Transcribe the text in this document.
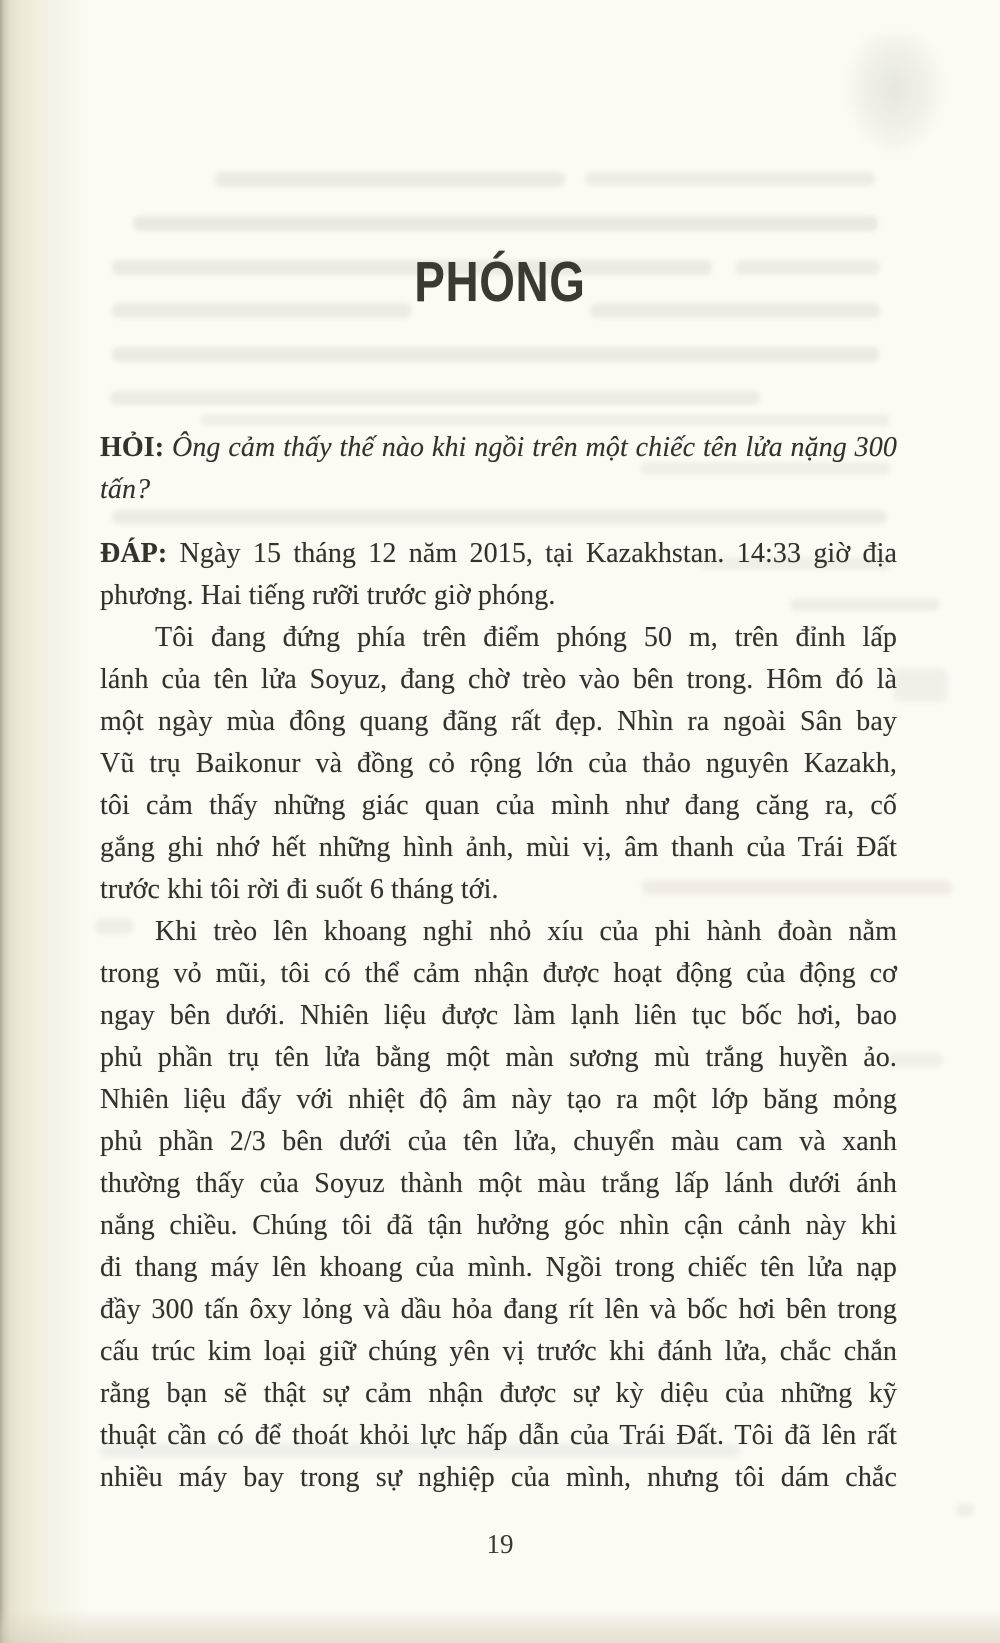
PHÓNG
HỎI: Ông cảm thấy thế nào khi ngồi trên một chiếc tên lửa nặng 300
tấn?
ĐÁP: Ngày 15 tháng 12 năm 2015, tại Kazakhstan. 14:33 giờ địa
phương. Hai tiếng rưỡi trước giờ phóng.
Tôi đang đứng phía trên điểm phóng 50 m, trên đỉnh lấp
lánh của tên lửa Soyuz, đang chờ trèo vào bên trong. Hôm đó là
một ngày mùa đông quang đãng rất đẹp. Nhìn ra ngoài Sân bay
Vũ trụ Baikonur và đồng cỏ rộng lớn của thảo nguyên Kazakh,
tôi cảm thấy những giác quan của mình như đang căng ra, cố
gắng ghi nhớ hết những hình ảnh, mùi vị, âm thanh của Trái Đất
trước khi tôi rời đi suốt 6 tháng tới.
Khi trèo lên khoang nghỉ nhỏ xíu của phi hành đoàn nằm
trong vỏ mũi, tôi có thể cảm nhận được hoạt động của động cơ
ngay bên dưới. Nhiên liệu được làm lạnh liên tục bốc hơi, bao
phủ phần trụ tên lửa bằng một màn sương mù trắng huyền ảo.
Nhiên liệu đẩy với nhiệt độ âm này tạo ra một lớp băng mỏng
phủ phần 2/3 bên dưới của tên lửa, chuyển màu cam và xanh
thường thấy của Soyuz thành một màu trắng lấp lánh dưới ánh
nắng chiều. Chúng tôi đã tận hưởng góc nhìn cận cảnh này khi
đi thang máy lên khoang của mình. Ngồi trong chiếc tên lửa nạp
đầy 300 tấn ôxy lỏng và dầu hỏa đang rít lên và bốc hơi bên trong
cấu trúc kim loại giữ chúng yên vị trước khi đánh lửa, chắc chắn
rằng bạn sẽ thật sự cảm nhận được sự kỳ diệu của những kỹ
thuật cần có để thoát khỏi lực hấp dẫn của Trái Đất. Tôi đã lên rất
nhiều máy bay trong sự nghiệp của mình, nhưng tôi dám chắc
19
